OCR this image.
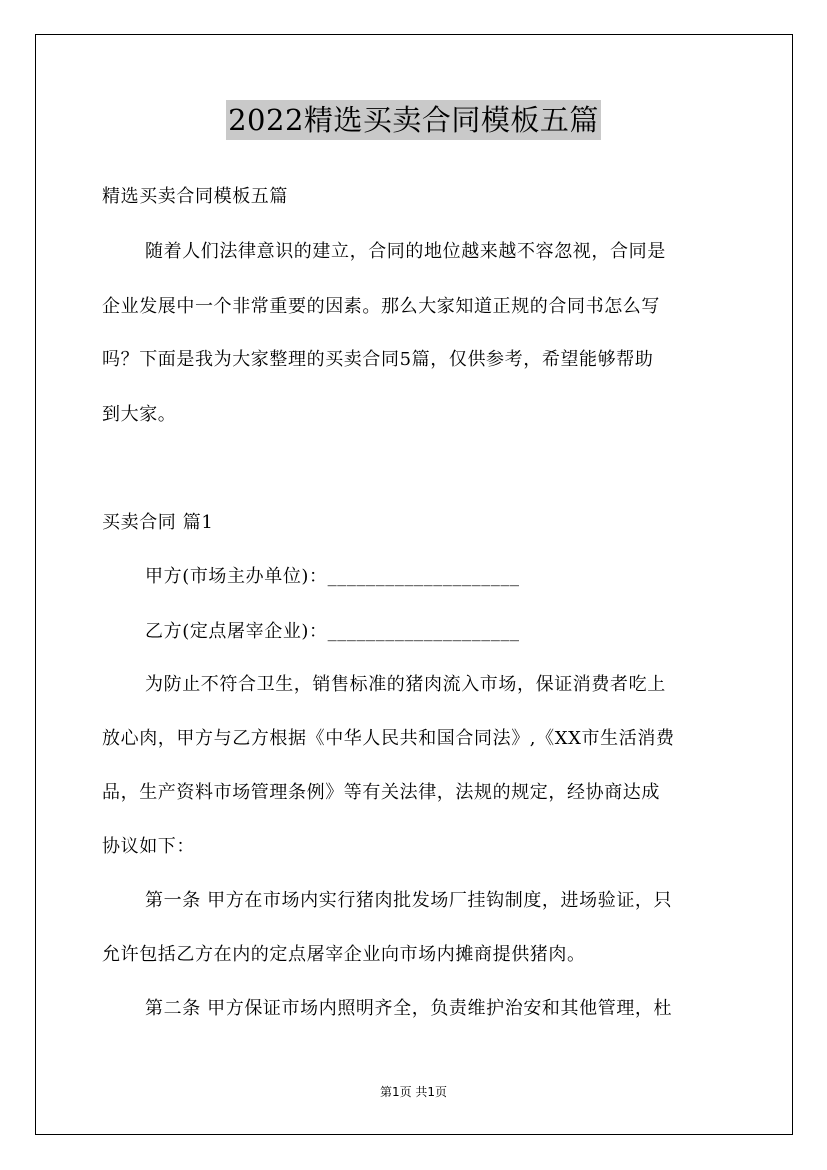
2022精选买卖合同模板五篇
精选买卖合同模板五篇
随着人们法律意识的建立，合同的地位越来越不容忽视，合同是
企业发展中一个非常重要的因素。那么大家知道正规的合同书怎么写
吗？下面是我为大家整理的买卖合同5篇，仅供参考，希望能够帮助
到大家。
买卖合同 篇1
甲方(市场主办单位)：____________________
乙方(定点屠宰企业)：____________________
为防止不符合卫生，销售标准的猪肉流入市场，保证消费者吃上
放心肉，甲方与乙方根据《中华人民共和国合同法》,《XX市生活消费
品，生产资料市场管理条例》等有关法律，法规的规定，经协商达成
协议如下：
第一条 甲方在市场内实行猪肉批发场厂挂钩制度，进场验证，只
允许包括乙方在内的定点屠宰企业向市场内摊商提供猪肉。
第二条 甲方保证市场内照明齐全，负责维护治安和其他管理，杜
第1页 共1页
